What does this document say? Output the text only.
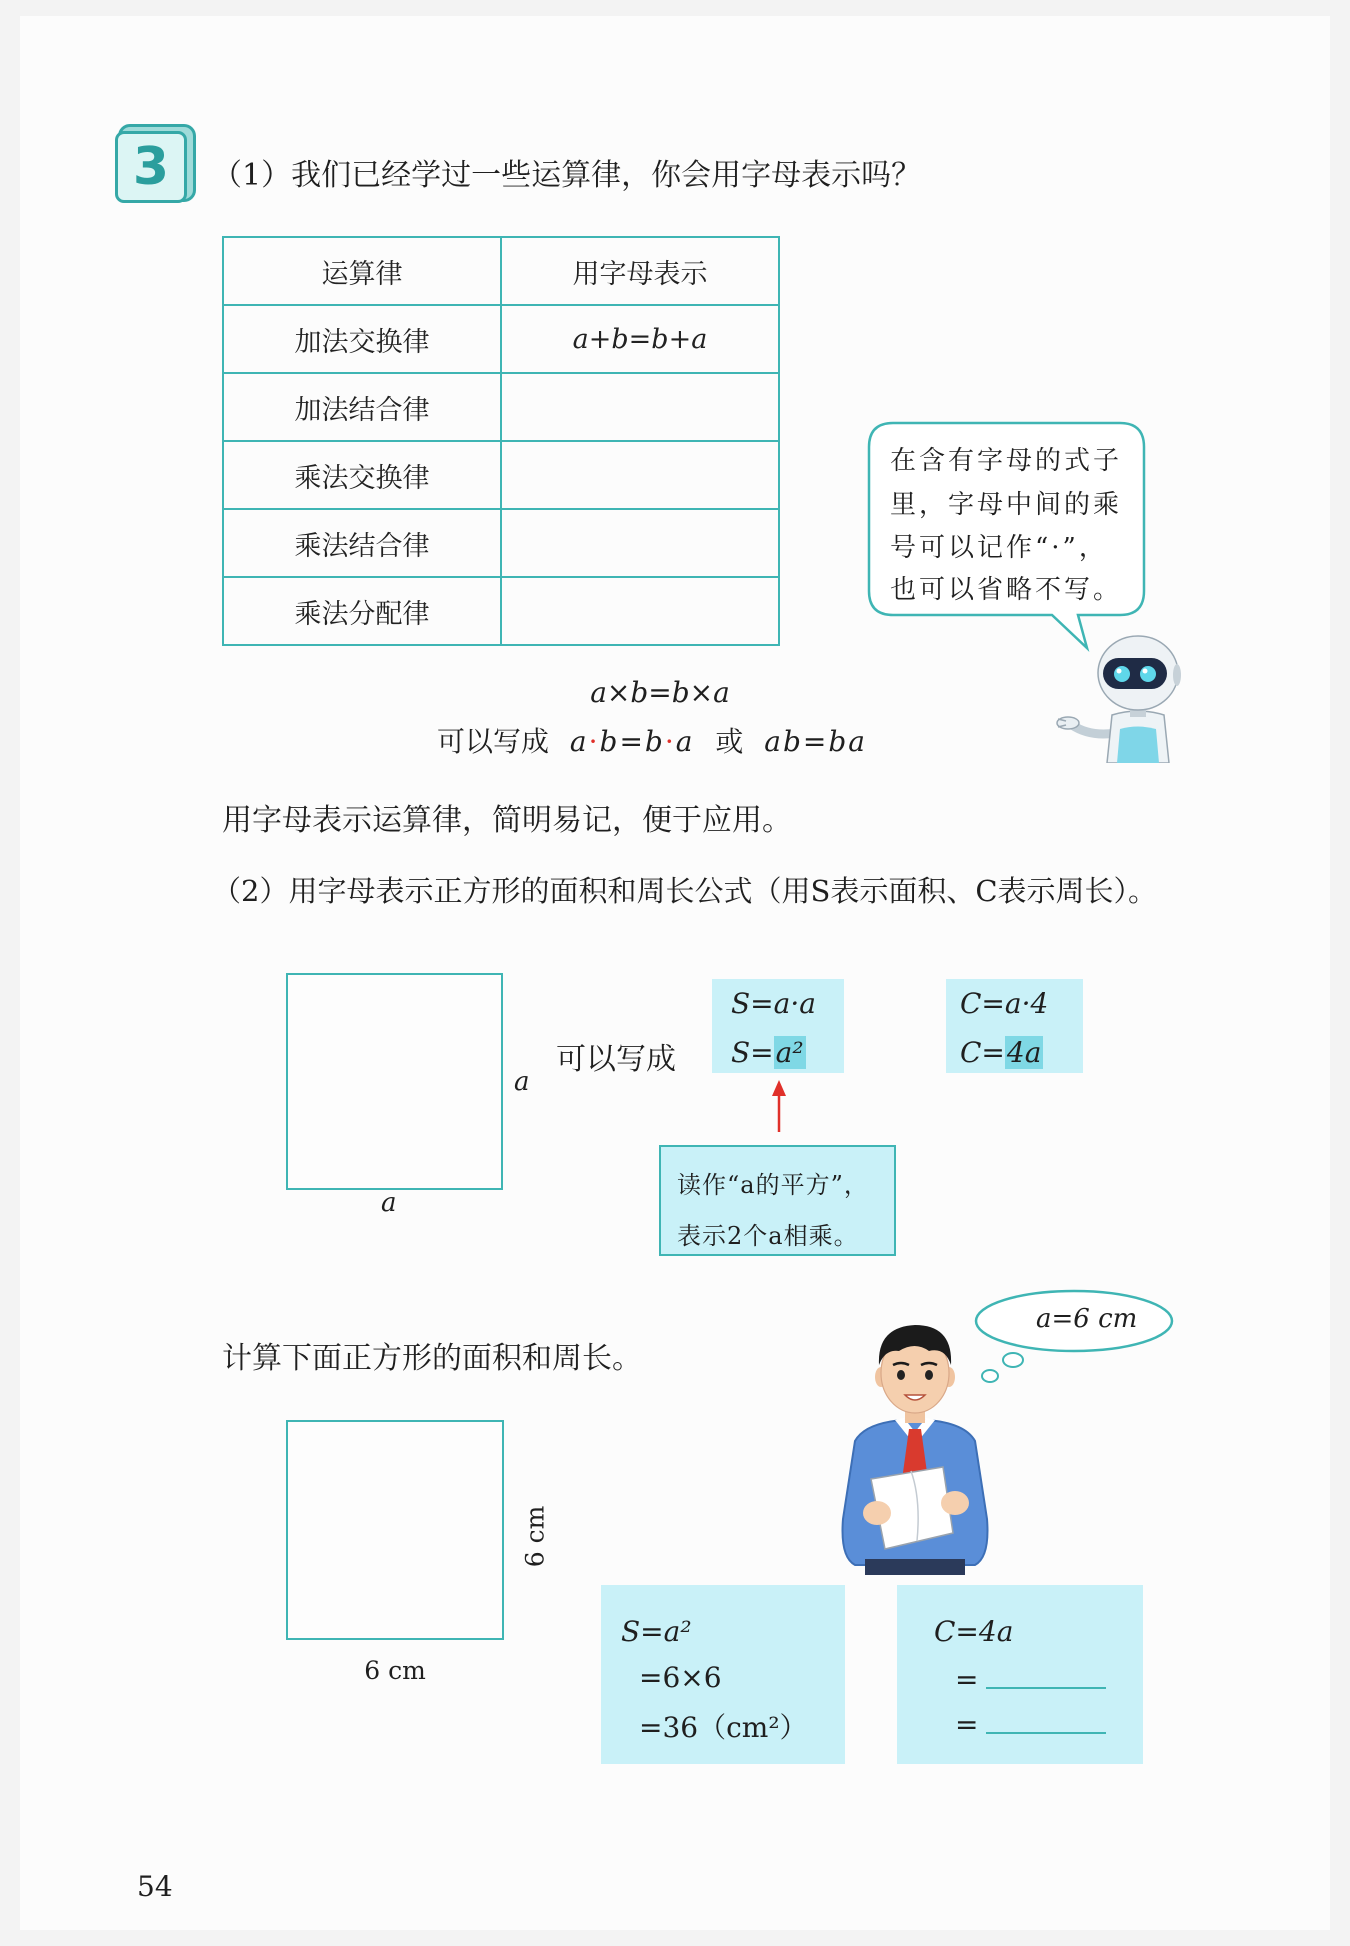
3 （1）我们已经学过一些运算律，你会用字母表示吗？
运算律	用字母表示
加法交换律	a+b=b+a
加法结合律	
乘法交换律	
乘法结合律	
乘法分配律	
在含有字母的式子
里，字母中间的乘
号可以记作“·”，
也可以省略不写。
a×b=b×a
可以写成 a·b=b·a 或 ab=ba
用字母表示运算律，简明易记，便于应用。
（2）用字母表示正方形的面积和周长公式（用S表示面积、C表示周长）。
a
a
可以写成
S=a·a
S=a²
C=a·4
C=4a
读作“a的平方”，
表示2个a相乘。
计算下面正方形的面积和周长。
a=6 cm
6 cm
6 cm
S=a²
=6×6
=36（cm²）
C=4a
=
=
54
